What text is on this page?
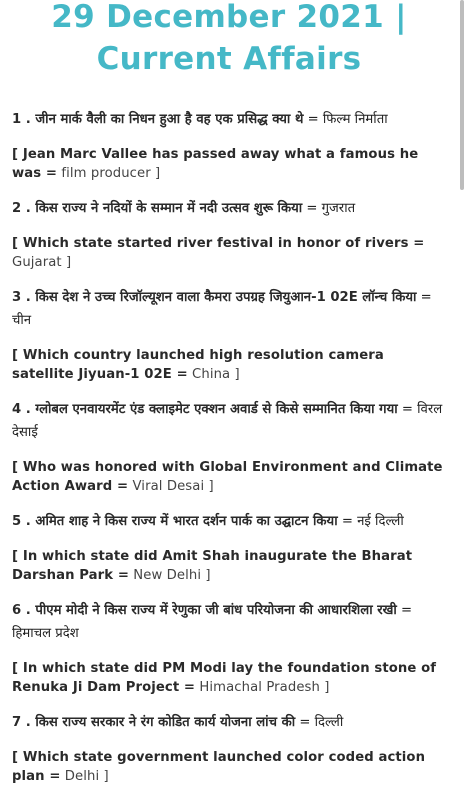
29 December 2021 |
Current Affairs
1 . जीन मार्क वैली का निधन हुआ है वह एक प्रसिद्ध क्या थे = फिल्म निर्माता
[ Jean Marc Vallee has passed away what a famous he was = film producer ]
2 . किस राज्य ने नदियों के सम्मान में नदी उत्सव शुरू किया = गुजरात
[ Which state started river festival in honor of rivers = Gujarat ]
3 . किस देश ने उच्च रिजॉल्यूशन वाला कैमरा उपग्रह जियुआन-1 02E लॉन्च किया = चीन
[ Which country launched high resolution camera satellite Jiyuan-1 02E = China ]
4 . ग्लोबल एनवायरमेंट एंड क्लाइमेट एक्शन अवार्ड से किसे सम्मानित किया गया = विरल देसाई
[ Who was honored with Global Environment and Climate Action Award = Viral Desai ]
5 . अमित शाह ने किस राज्य में भारत दर्शन पार्क का उद्घाटन किया = नई दिल्ली
[ In which state did Amit Shah inaugurate the Bharat Darshan Park = New Delhi ]
6 . पीएम मोदी ने किस राज्य में रेणुका जी बांध परियोजना की आधारशिला रखी = हिमाचल प्रदेश
[ In which state did PM Modi lay the foundation stone of Renuka Ji Dam Project = Himachal Pradesh ]
7 . किस राज्य सरकार ने रंग कोडित कार्य योजना लांच की = दिल्ली
[ Which state government launched color coded action plan = Delhi ]
